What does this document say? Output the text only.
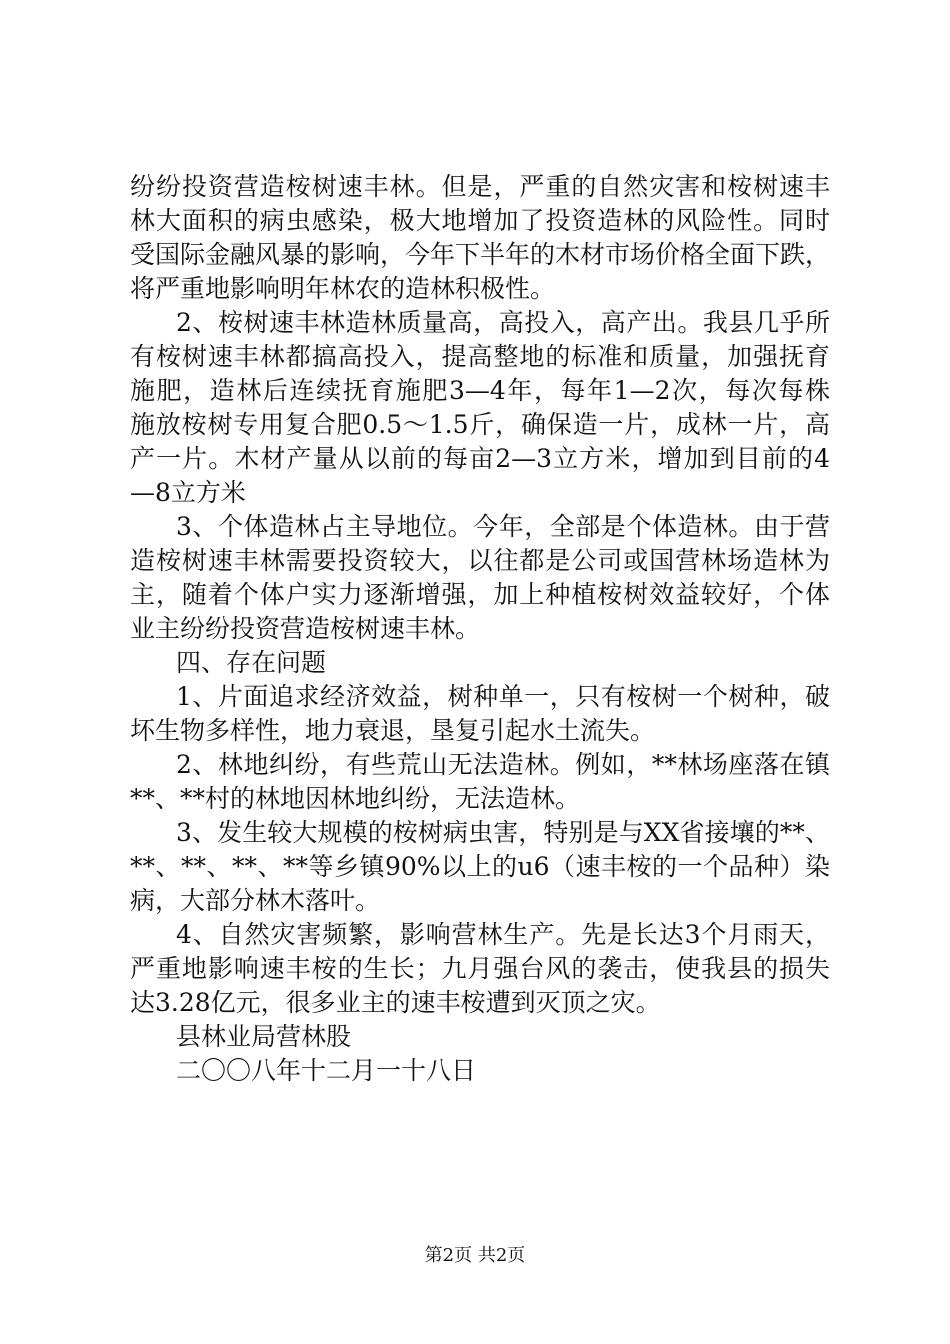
纷纷投资营造桉树速丰林。但是，严重的自然灾害和桉树速丰
林大面积的病虫感染，极大地增加了投资造林的风险性。同时
受国际金融风暴的影响，今年下半年的木材市场价格全面下跌，
将严重地影响明年林农的造林积极性。
2、桉树速丰林造林质量高，高投入，高产出。我县几乎所
有桉树速丰林都搞高投入，提高整地的标准和质量，加强抚育
施肥，造林后连续抚育施肥3—4年，每年1—2次，每次每株
施放桉树专用复合肥0.5～1.5斤，确保造一片，成林一片，高
产一片。木材产量从以前的每亩2—3立方米，增加到目前的4
—8立方米
3、个体造林占主导地位。今年，全部是个体造林。由于营
造桉树速丰林需要投资较大，以往都是公司或国营林场造林为
主，随着个体户实力逐渐增强，加上种植桉树效益较好，个体
业主纷纷投资营造桉树速丰林。
四、存在问题
1、片面追求经济效益，树种单一，只有桉树一个树种，破
坏生物多样性，地力衰退，垦复引起水土流失。
2、林地纠纷，有些荒山无法造林。例如，**林场座落在镇
**、**村的林地因林地纠纷，无法造林。
3、发生较大规模的桉树病虫害，特别是与XX省接壤的**、
**、**、**、**等乡镇90%以上的u6（速丰桉的一个品种）染
病，大部分林木落叶。
4、自然灾害频繁，影响营林生产。先是长达3个月雨天，
严重地影响速丰桉的生长；九月强台风的袭击，使我县的损失
达3.28亿元，很多业主的速丰桉遭到灭顶之灾。
县林业局营林股
二〇〇八年十二月一十八日
第2页 共2页
